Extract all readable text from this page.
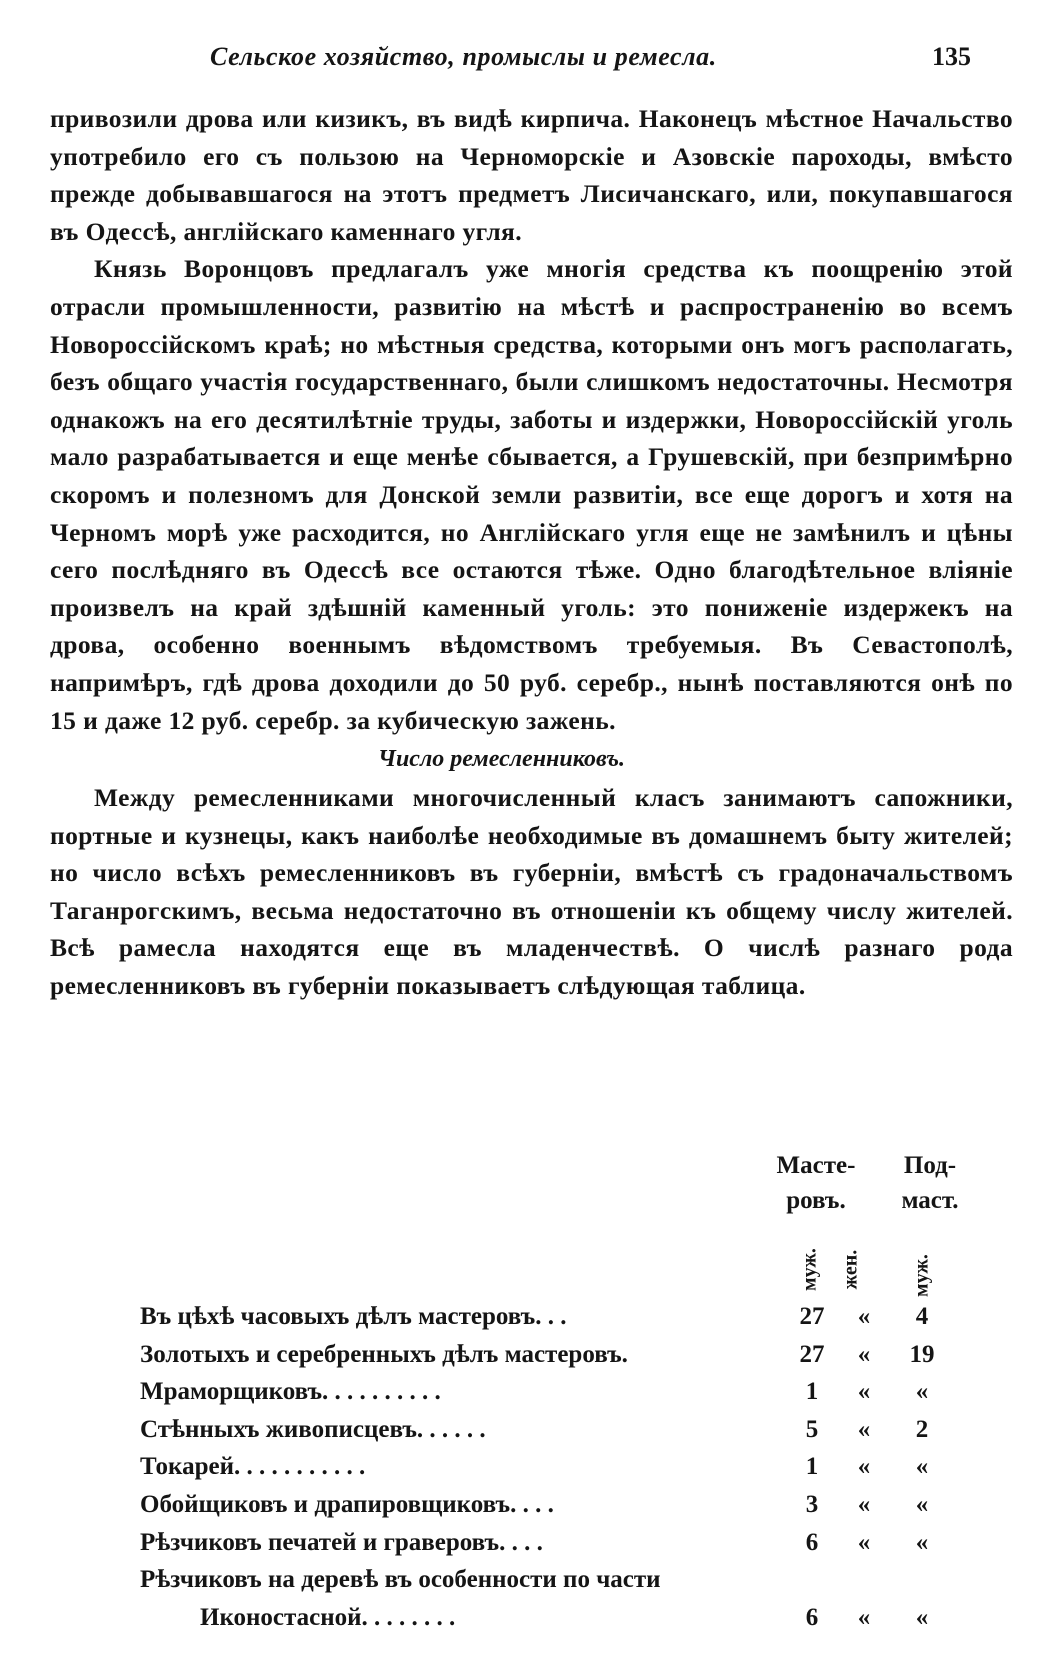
Сельское хозяйство, промыслы и ремесла.	135

привозили дрова или кизикъ, въ видѣ кирпича. Наконецъ мѣстное Начальство употребило его съ пользою на Черноморскіе и Азовскіе пароходы, вмѣсто прежде добывавшагося на этотъ предметъ Лисичанскаго, или, покупавшагося въ Одессѣ, англійскаго каменнаго угля.

Князь Воронцовъ предлагалъ уже многія средства къ поощренію этой отрасли промышленности, развитію на мѣстѣ и распространенію во всемъ Новороссійскомъ краѣ; но мѣстныя средства, которыми онъ могъ располагать, безъ общаго участія государственнаго, были слишкомъ недостаточны. Несмотря однакожъ на его десятилѣтніе труды, заботы и издержки, Новороссійскій уголь мало разрабатывается и еще менѣе сбывается, а Грушевскій, при безпримѣрно скоромъ и полезномъ для Донской земли развитіи, все еще дорогъ и хотя на Черномъ морѣ уже расходится, но Англійскаго угля еще не замѣнилъ и цѣны сего послѣдняго въ Одессѣ все остаются тѣже. Одно благодѣтельное вліяніе произвелъ на край здѣшній каменный уголь: это пониженіе издержекъ на дрова, особенно военнымъ вѣдомствомъ требуемыя. Въ Севастополѣ, напримѣръ, гдѣ дрова доходили до 50 руб. серебр., нынѣ поставляются онѣ по 15 и даже 12 руб. серебр. за кубическую зажень.

Число ремесленниковъ.

Между ремесленниками многочисленный класъ занимаютъ сапожники, портные и кузнецы, какъ наиболѣе необходимые въ домашнемъ быту жителей; но число всѣхъ ремесленниковъ въ губерніи, вмѣстѣ съ градоначальствомъ Таганрогскимъ, весьма недостаточно въ отношеніи къ общему числу жителей. Всѣ рамесла находятся еще въ младенчествѣ. О числѣ разнаго рода ремесленниковъ въ губерніи показываетъ слѣдующая таблица.

Масте-
ровъ.
Под-
маст.
муж. жен. муж.
Въ цѣхѣ часовыхъ дѣлъ мастеровъ. . .	27	«	4
Золотыхъ и серебренныхъ дѣлъ мастеровъ.	27	«	19
Мраморщиковъ. . . . . . . . . .	1	«	«
Стѣнныхъ живописцевъ. . . . . .	5	«	2
Токарей. . . . . . . . . . .	1	«	«
Обойщиковъ и драпировщиковъ. . . .	3	«	«
Рѣзчиковъ печатей и граверовъ. . . .	6	«	«
Рѣзчиковъ на деревѣ въ особенности по части
Иконостасной. . . . . . . .	6	«	«
